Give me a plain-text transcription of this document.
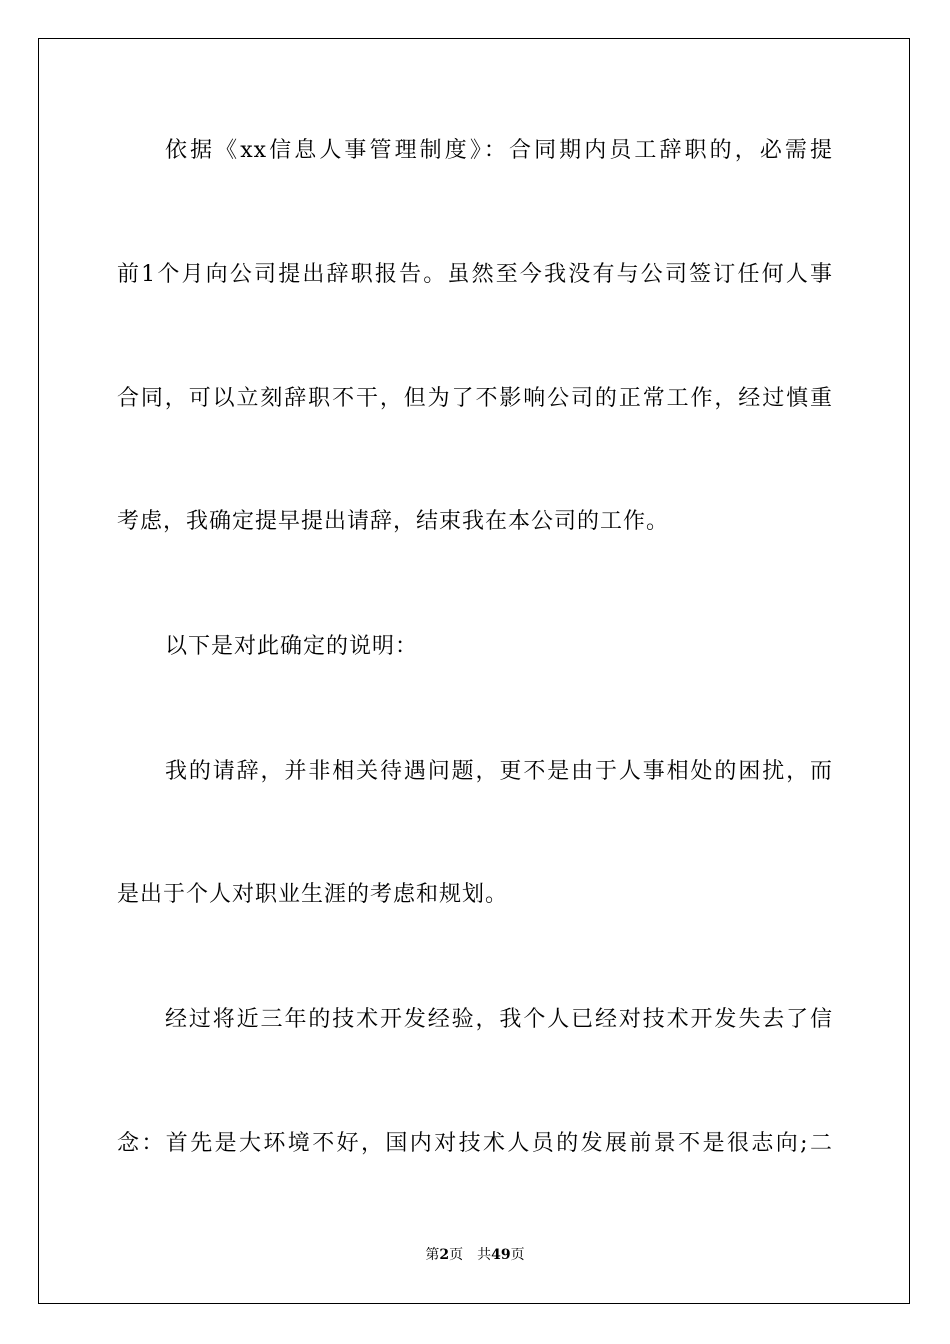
依据《xx信息人事管理制度》：合同期内员工辞职的，必需提
前1个月向公司提出辞职报告。虽然至今我没有与公司签订任何人事
合同，可以立刻辞职不干，但为了不影响公司的正常工作，经过慎重
考虑，我确定提早提出请辞，结束我在本公司的工作。
以下是对此确定的说明：
我的请辞，并非相关待遇问题，更不是由于人事相处的困扰，而
是出于个人对职业生涯的考虑和规划。
经过将近三年的技术开发经验，我个人已经对技术开发失去了信
念：首先是大环境不好，国内对技术人员的发展前景不是很志向;二
第2页 共49页
